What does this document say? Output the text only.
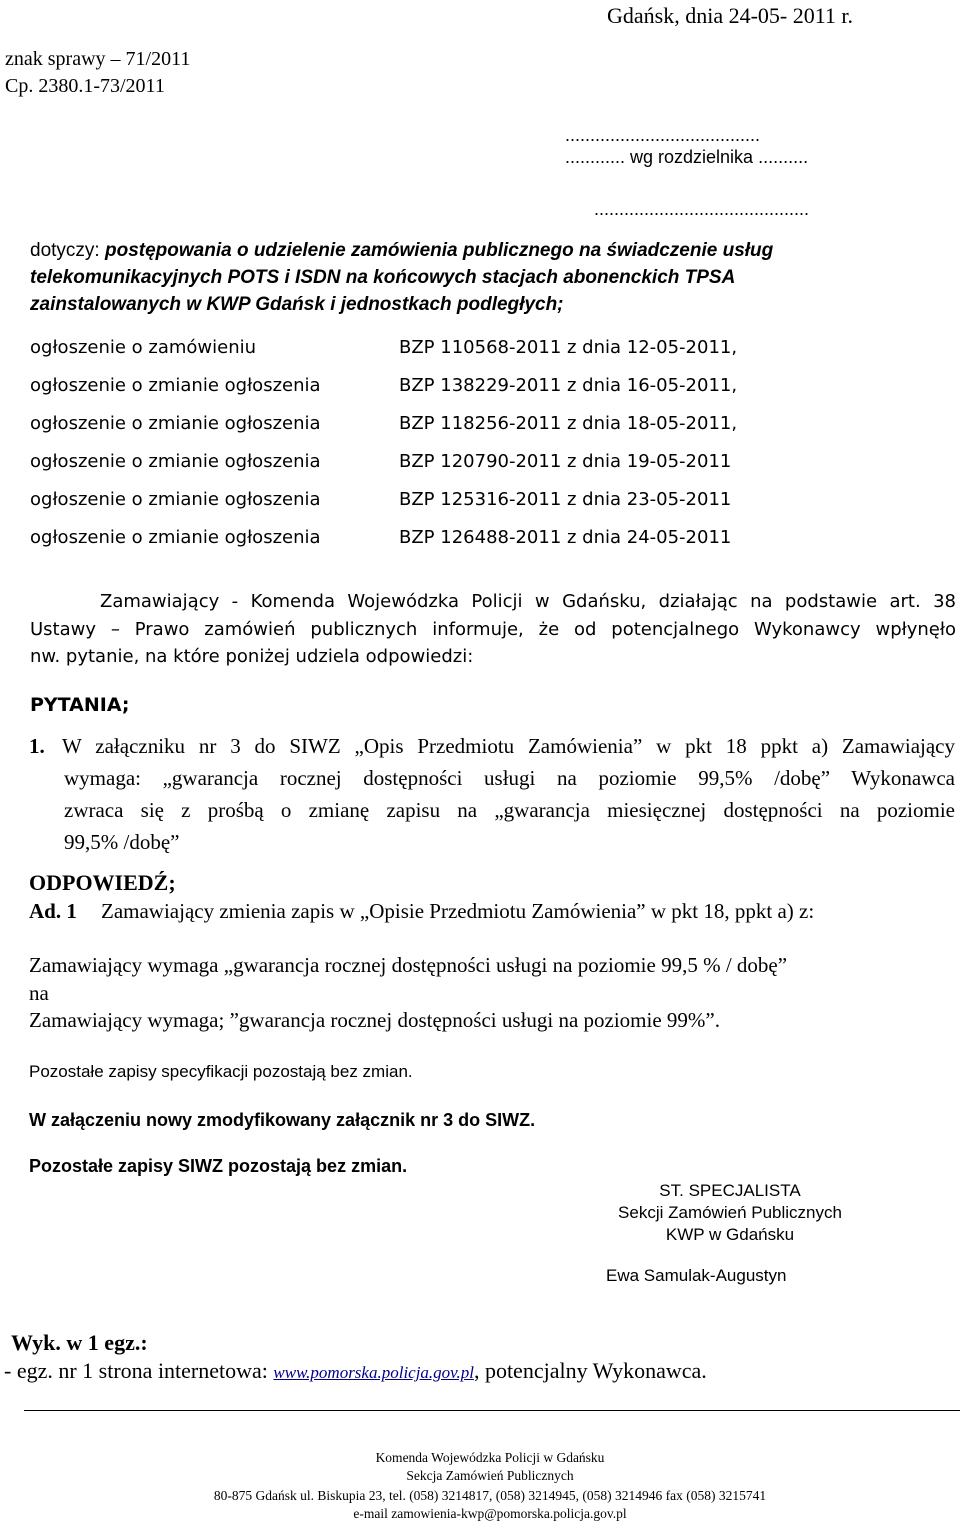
Gdańsk, dnia 24-05- 2011 r.
znak sprawy – 71/2011
Cp. 2380.1-73/2011
.......................................
............ wg rozdzielnika ..........
...........................................
dotyczy: postępowania o udzielenie zamówienia publicznego na świadczenie usług
telekomunikacyjnych POTS i ISDN na końcowych stacjach abonenckich TPSA
zainstalowanych w KWP Gdańsk i jednostkach podległych;
ogłoszenie o zamówieniu	BZP 110568-2011 z dnia 12-05-2011,
ogłoszenie o zmianie ogłoszenia	BZP 138229-2011 z dnia 16-05-2011,
ogłoszenie o zmianie ogłoszenia	BZP 118256-2011 z dnia 18-05-2011,
ogłoszenie o zmianie ogłoszenia	BZP 120790-2011 z dnia 19-05-2011
ogłoszenie o zmianie ogłoszenia	BZP 125316-2011 z dnia 23-05-2011
ogłoszenie o zmianie ogłoszenia	BZP 126488-2011 z dnia 24-05-2011
Zamawiający - Komenda Wojewódzka Policji w Gdańsku, działając na podstawie art. 38
Ustawy – Prawo zamówień publicznych informuje, że od potencjalnego Wykonawcy wpłynęło
nw. pytanie, na które poniżej udziela odpowiedzi:
PYTANIA;
1. W załączniku nr 3 do SIWZ „Opis Przedmiotu Zamówienia” w pkt 18 ppkt a) Zamawiający
wymaga: „gwarancja rocznej dostępności usługi na poziomie 99,5% /dobę” Wykonawca
zwraca się z prośbą o zmianę zapisu na „gwarancja miesięcznej dostępności na poziomie
99,5% /dobę”
ODPOWIEDŹ;
Ad. 1 Zamawiający zmienia zapis w „Opisie Przedmiotu Zamówienia” w pkt 18, ppkt a) z:
Zamawiający wymaga „gwarancja rocznej dostępności usługi na poziomie 99,5 % / dobę”
na
Zamawiający wymaga; ”gwarancja rocznej dostępności usługi na poziomie 99%”.
Pozostałe zapisy specyfikacji pozostają bez zmian.
W załączeniu nowy zmodyfikowany załącznik nr 3 do SIWZ.
Pozostałe zapisy SIWZ pozostają bez zmian.
ST. SPECJALISTA
Sekcji Zamówień Publicznych
KWP w Gdańsku
Ewa Samulak-Augustyn
Wyk. w 1 egz.:
- egz. nr 1 strona internetowa: www.pomorska.policja.gov.pl, potencjalny Wykonawca.
Komenda Wojewódzka Policji w Gdańsku
Sekcja Zamówień Publicznych
80-875 Gdańsk ul. Biskupia 23, tel. (058) 3214817, (058) 3214945, (058) 3214946 fax (058) 3215741
e-mail zamowienia-kwp@pomorska.policja.gov.pl
